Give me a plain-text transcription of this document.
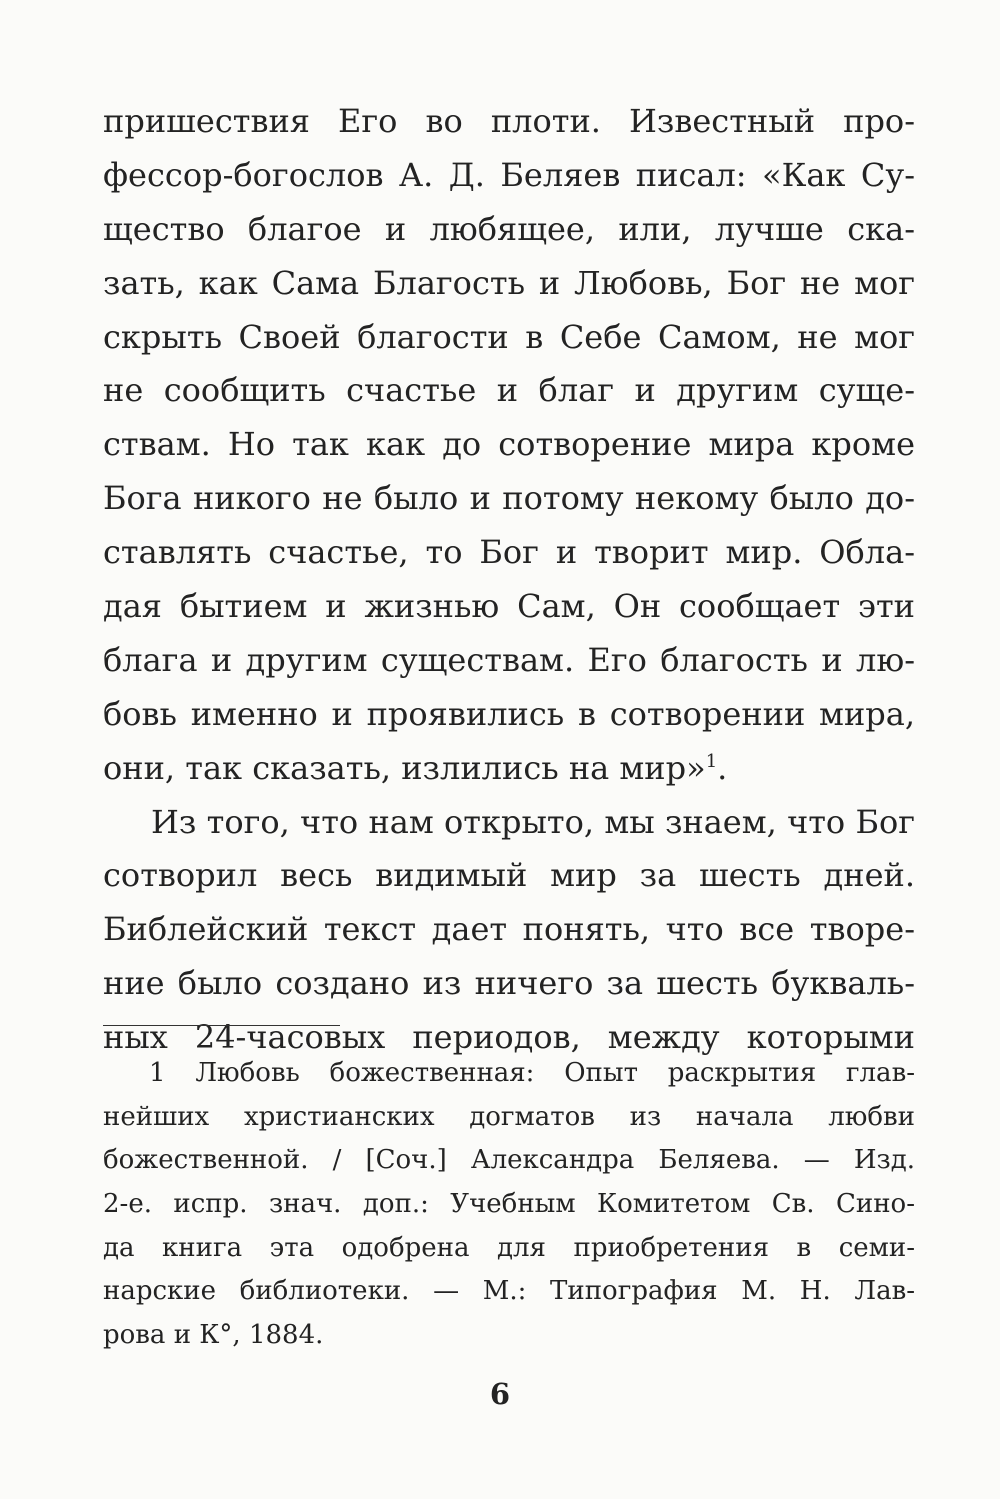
пришествия Его во плоти. Известный про-
фессор-богослов А. Д. Беляев писал: «Как Су-
щество благое и любящее, или, лучше ска-
зать, как Сама Благость и Любовь, Бог не мог
скрыть Своей благости в Себе Самом, не мог
не сообщить счастье и благ и другим суще-
ствам. Но так как до сотворение мира кроме
Бога никого не было и потому некому было до-
ставлять счастье, то Бог и творит мир. Обла-
дая бытием и жизнью Сам, Он сообщает эти
блага и другим существам. Его благость и лю-
бовь именно и проявились в сотворении мира,
они, так сказать, излились на мир»$^1$.
Из того, что нам открыто, мы знаем, что Бог
сотворил весь видимый мир за шесть дней.
Библейский текст дает понять, что все творе-
ние было создано из ничего за шесть букваль-
ных 24-часовых периодов, между которыми
1 Любовь божественная: Опыт раскрытия глав-
нейших христианских догматов из начала любви
божественной. / [Соч.] Александра Беляева. — Изд.
2-е. испр. знач. доп.: Учебным Комитетом Св. Сино-
да книга эта одобрена для приобретения в семи-
нарские библиотеки. — М.: Типография М. Н. Лав-
рова и К°, 1884.
6
